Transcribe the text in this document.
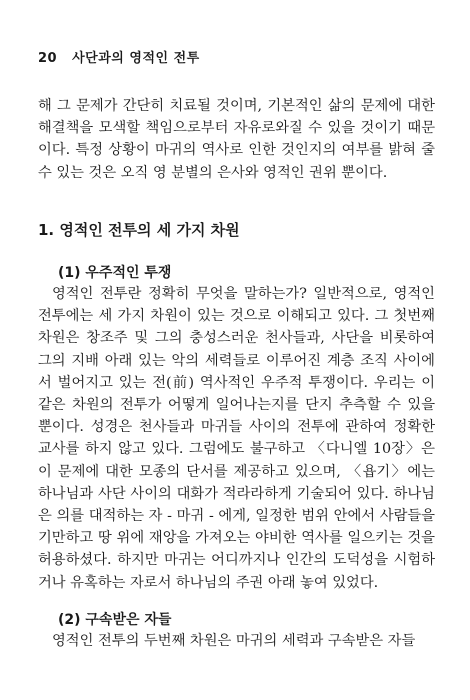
20 사단과의 영적인 전투

해 그 문제가 간단히 치료될 것이며, 기본적인 삶의 문제에 대한 해결책을 모색할 책임으로부터 자유로와질 수 있을 것이기 때문이다. 특정 상황이 마귀의 역사로 인한 것인지의 여부를 밝혀 줄 수 있는 것은 오직 영 분별의 은사와 영적인 권위 뿐이다.

1. 영적인 전투의 세 가지 차원
(1) 우주적인 투쟁

영적인 전투란 정확히 무엇을 말하는가? 일반적으로, 영적인 전투에는 세 가지 차원이 있는 것으로 이해되고 있다. 그 첫번째 차원은 창조주 및 그의 충성스러운 천사들과, 사단을 비롯하여 그의 지배 아래 있는 악의 세력들로 이루어진 계층 조직 사이에서 벌어지고 있는 전(前) 역사적인 우주적 투쟁이다. 우리는 이같은 차원의 전투가 어떻게 일어나는지를 단지 추측할 수 있을 뿐이다. 성경은 천사들과 마귀들 사이의 전투에 관하여 정확한 교사를 하지 않고 있다. 그럼에도 불구하고 〈다니엘 10장〉은 이 문제에 대한 모종의 단서를 제공하고 있으며, 〈욥기〉에는 하나님과 사단 사이의 대화가 적라라하게 기술되어 있다. 하나님은 의를 대적하는 자 - 마귀 - 에게, 일정한 범위 안에서 사람들을 기만하고 땅 위에 재앙을 가져오는 야비한 역사를 일으키는 것을 허용하셨다. 하지만 마귀는 어디까지나 인간의 도덕성을 시험하거나 유혹하는 자로서 하나님의 주권 아래 놓여 있었다.

(2) 구속받은 자들

영적인 전투의 두번째 차원은 마귀의 세력과 구속받은 자들
